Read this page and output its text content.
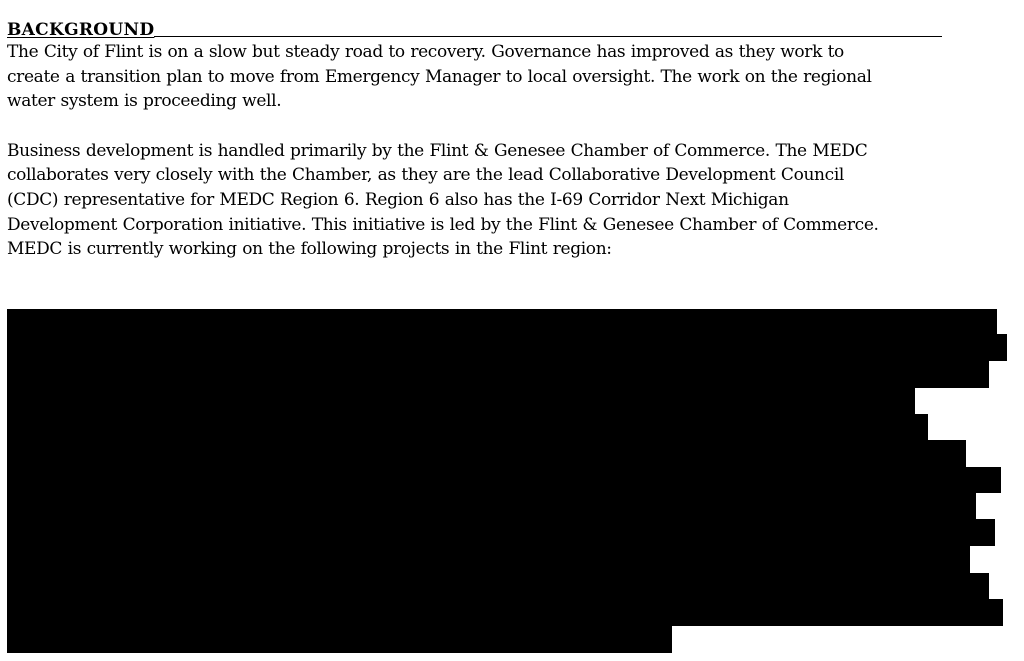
BACKGROUND

The City of Flint is on a slow but steady road to recovery. Governance has improved as they work to
create a transition plan to move from Emergency Manager to local oversight. The work on the regional
water system is proceeding well.

Business development is handled primarily by the Flint & Genesee Chamber of Commerce. The MEDC
collaborates very closely with the Chamber, as they are the lead Collaborative Development Council
(CDC) representative for MEDC Region 6. Region 6 also has the I-69 Corridor Next Michigan
Development Corporation initiative. This initiative is led by the Flint & Genesee Chamber of Commerce.
MEDC is currently working on the following projects in the Flint region:
